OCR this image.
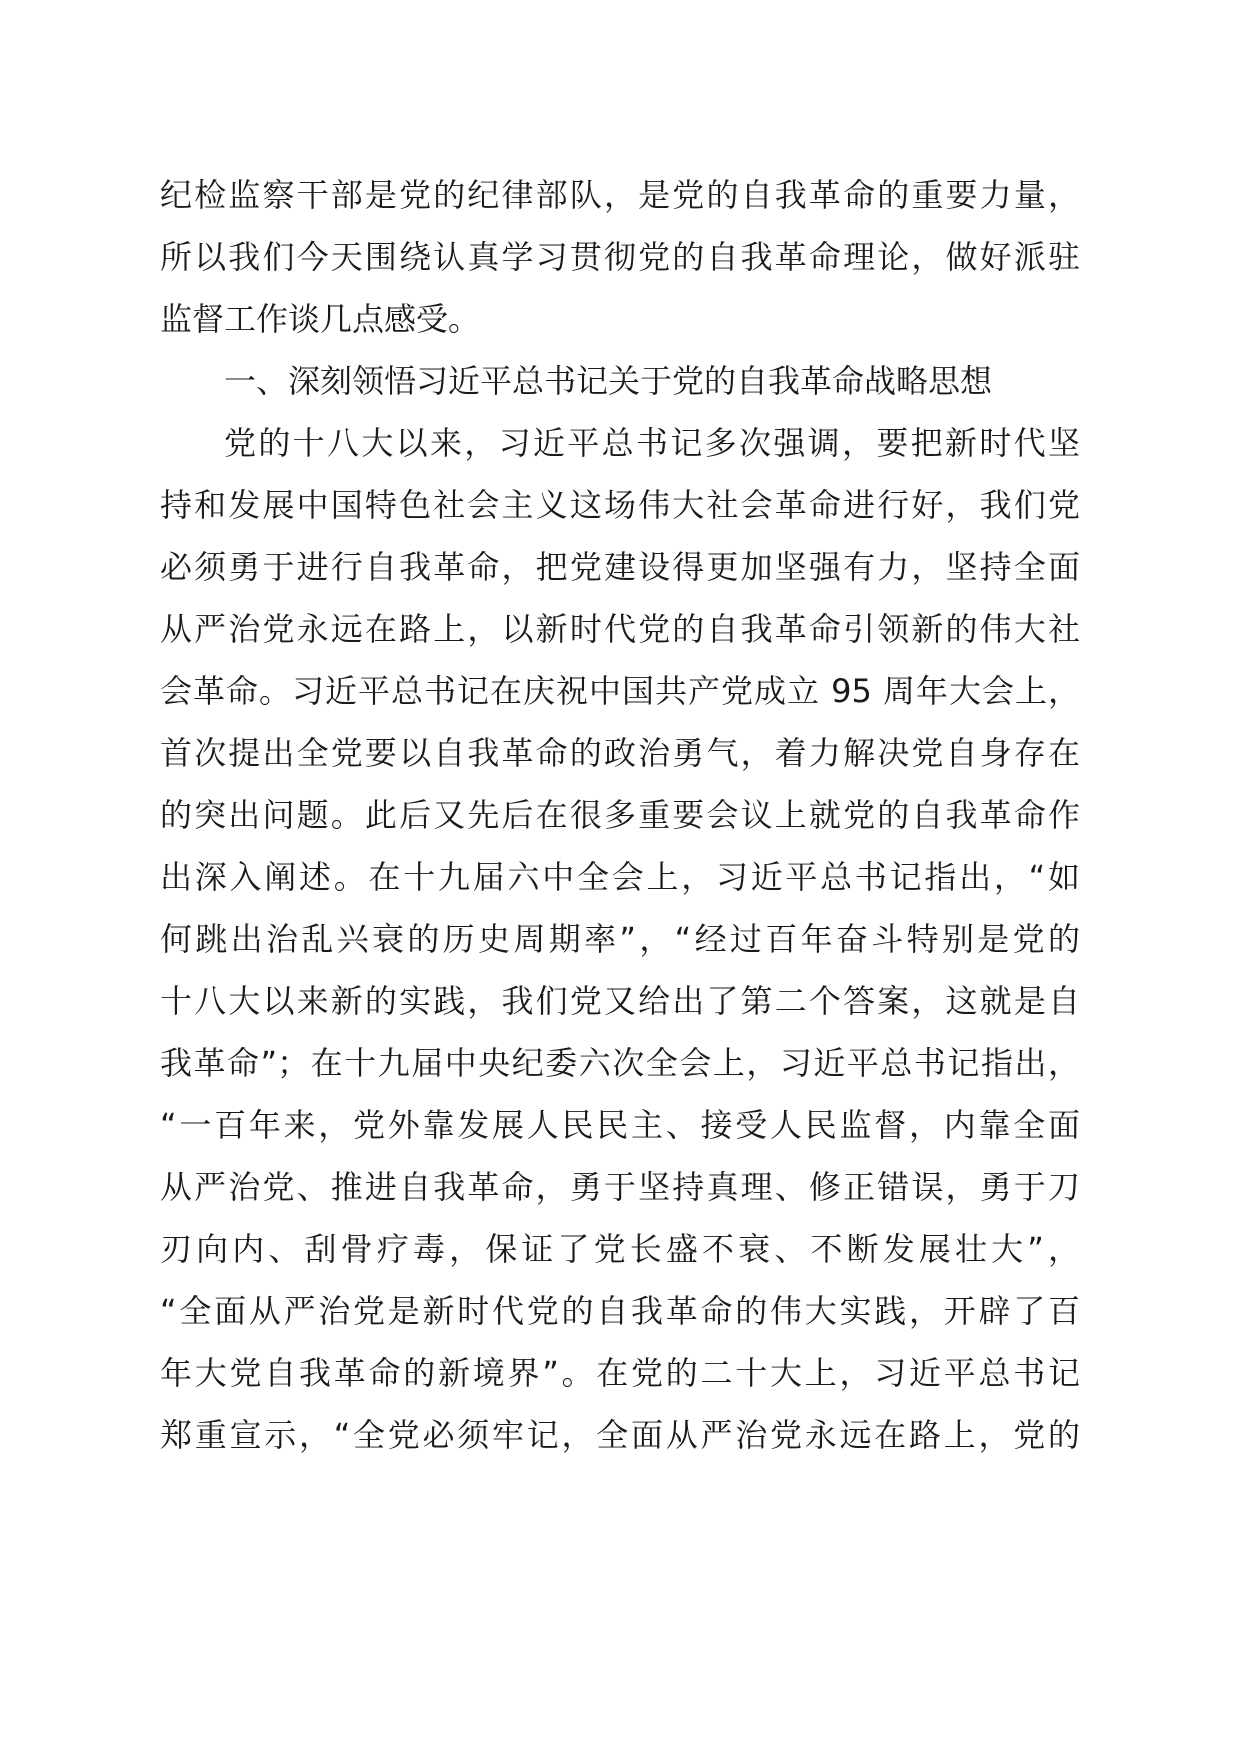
纪检监察干部是党的纪律部队，是党的自我革命的重要力量，
所以我们今天围绕认真学习贯彻党的自我革命理论，做好派驻
监督工作谈几点感受。
一、深刻领悟习近平总书记关于党的自我革命战略思想
党的十八大以来，习近平总书记多次强调，要把新时代坚
持和发展中国特色社会主义这场伟大社会革命进行好，我们党
必须勇于进行自我革命，把党建设得更加坚强有力，坚持全面
从严治党永远在路上，以新时代党的自我革命引领新的伟大社
会革命。习近平总书记在庆祝中国共产党成立 95 周年大会上，
首次提出全党要以自我革命的政治勇气，着力解决党自身存在
的突出问题。此后又先后在很多重要会议上就党的自我革命作
出深入阐述。在十九届六中全会上，习近平总书记指出，“如
何跳出治乱兴衰的历史周期率”，“经过百年奋斗特别是党的
十八大以来新的实践，我们党又给出了第二个答案，这就是自
我革命”；在十九届中央纪委六次全会上，习近平总书记指出，
“一百年来，党外靠发展人民民主、接受人民监督，内靠全面
从严治党、推进自我革命，勇于坚持真理、修正错误，勇于刀
刃向内、刮骨疗毒，保证了党长盛不衰、不断发展壮大”，
“全面从严治党是新时代党的自我革命的伟大实践，开辟了百
年大党自我革命的新境界”。在党的二十大上，习近平总书记
郑重宣示，“全党必须牢记，全面从严治党永远在路上，党的
